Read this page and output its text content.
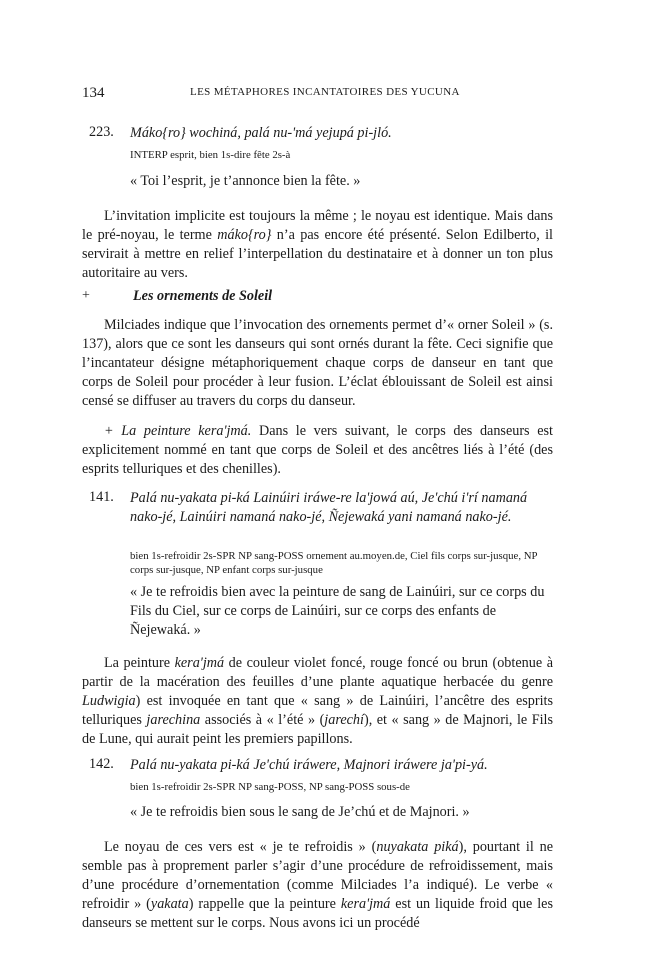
134	LES MÉTAPHORES INCANTATOIRES DES YUCUNA
223. Máko{ro} wochiná, palá nu-'má yejupá pi-jló.

INTERP esprit, bien 1s-dire fête 2s-à

« Toi l’esprit, je t’annonce bien la fête. »

L’invitation implicite est toujours la même ; le noyau est identique. Mais dans le pré-noyau, le terme máko{ro} n’a pas encore été présenté. Selon Edilberto, il servirait à mettre en relief l’interpellation du destinataire et à donner un ton plus autoritaire au vers.

+	Les ornements de Soleil

Milciades indique que l’invocation des ornements permet d’« orner Soleil » (s. 137), alors que ce sont les danseurs qui sont ornés durant la fête. Ceci signifie que l’incantateur désigne métaphoriquement chaque corps de danseur en tant que corps de Soleil pour procéder à leur fusion. L’éclat éblouissant de Soleil est ainsi censé se diffuser au travers du corps du danseur.

+ La peinture kera'jmá. Dans le vers suivant, le corps des danseurs est explicitement nommé en tant que corps de Soleil et des ancêtres liés à l’été (des esprits telluriques et des chenilles).

141. Palá nu-yakata pi-ká Lainúiri iráwe-re la'jowá aú, Je'chú i'rí namaná nako-jé, Lainúiri namaná nako-jé, Ñejewaká yani namaná nako-jé.

bien 1s-refroidir 2s-SPR NP sang-POSS ornement au.moyen.de, Ciel fils corps sur-jusque, NP corps sur-jusque, NP enfant corps sur-jusque

« Je te refroidis bien avec la peinture de sang de Lainúiri, sur ce corps du Fils du Ciel, sur ce corps de Lainúiri, sur ce corps des enfants de Ñejewaká. »

La peinture kera'jmá de couleur violet foncé, rouge foncé ou brun (obtenue à partir de la macération des feuilles d’une plante aquatique herbacée du genre Ludwigia) est invoquée en tant que « sang » de Lainúiri, l’ancêtre des esprits telluriques jarechina associés à « l’été » (jarechí), et « sang » de Majnori, le Fils de Lune, qui aurait peint les premiers papillons.

142. Palá nu-yakata pi-ká Je'chú iráwere, Majnori iráwere ja'pi-yá.

bien 1s-refroidir 2s-SPR NP sang-POSS, NP sang-POSS sous-de

« Je te refroidis bien sous le sang de Je’chú et de Majnori. »

Le noyau de ces vers est « je te refroidis » (nuyakata piká), pourtant il ne semble pas à proprement parler s’agir d’une procédure de refroidissement, mais d’une procédure d’ornementation (comme Milciades l’a indiqué). Le verbe « refroidir » (yakata) rappelle que la peinture kera'jmá est un liquide froid que les danseurs se mettent sur le corps. Nous avons ici un procédé
